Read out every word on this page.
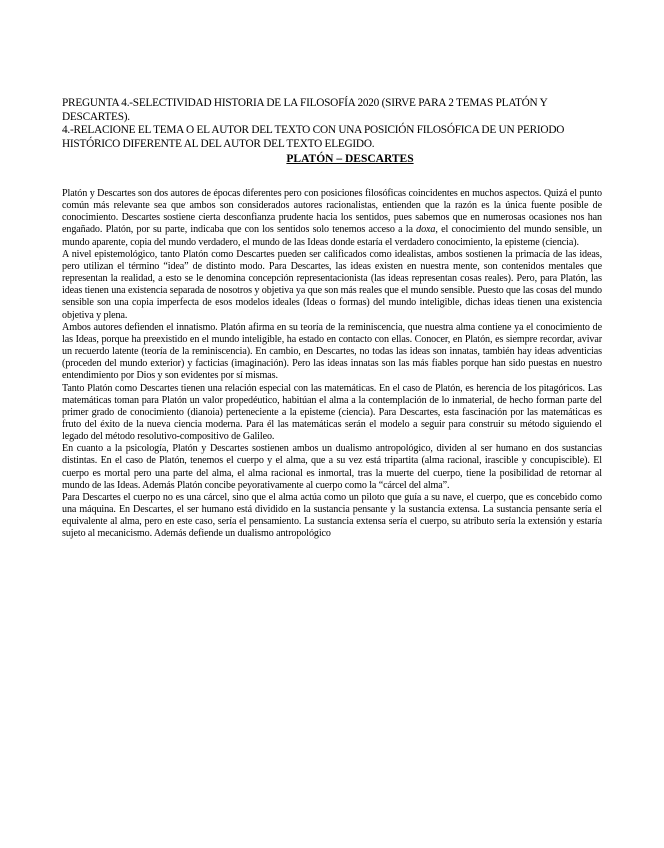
PREGUNTA 4.-SELECTIVIDAD HISTORIA DE LA FILOSOFÍA 2020 (SIRVE PARA 2 TEMAS PLATÓN Y DESCARTES).

4.-RELACIONE EL TEMA O EL AUTOR DEL TEXTO CON UNA POSICIÓN FILOSÓFICA DE UN PERIODO HISTÓRICO DIFERENTE AL DEL AUTOR DEL TEXTO ELEGIDO.

PLATÓN – DESCARTES

Platón y Descartes son dos autores de épocas diferentes pero con posiciones filosóficas coincidentes en muchos aspectos. Quizá el punto común más relevante sea que ambos son considerados autores racionalistas, entienden que la razón es la única fuente posible de conocimiento. Descartes sostiene cierta desconfianza prudente hacia los sentidos, pues sabemos que en numerosas ocasiones nos han engañado. Platón, por su parte, indicaba que con los sentidos solo tenemos acceso a la doxa, el conocimiento del mundo sensible, un mundo aparente, copia del mundo verdadero, el mundo de las Ideas donde estaría el verdadero conocimiento, la episteme (ciencia).

A nivel epistemológico, tanto Platón como Descartes pueden ser calificados como idealistas, ambos sostienen la primacía de las ideas, pero utilizan el término “idea” de distinto modo. Para Descartes, las ideas existen en nuestra mente, son contenidos mentales que representan la realidad, a esto se le denomina concepción representacionista (las ideas representan cosas reales). Pero, para Platón, las ideas tienen una existencia separada de nosotros y objetiva ya que son más reales que el mundo sensible. Puesto que las cosas del mundo sensible son una copia imperfecta de esos modelos ideales (Ideas o formas) del mundo inteligible, dichas ideas tienen una existencia objetiva y plena.

Ambos autores defienden el innatismo. Platón afirma en su teoría de la reminiscencia, que nuestra alma contiene ya el conocimiento de las Ideas, porque ha preexistido en el mundo inteligible, ha estado en contacto con ellas. Conocer, en Platón, es siempre recordar, avivar un recuerdo latente (teoría de la reminiscencia). En cambio, en Descartes, no todas las ideas son innatas, también hay ideas adventicias (proceden del mundo exterior) y facticias (imaginación). Pero las ideas innatas son las más fiables porque han sido puestas en nuestro entendimiento por Dios y son evidentes por sí mismas.

Tanto Platón como Descartes tienen una relación especial con las matemáticas. En el caso de Platón, es herencia de los pitagóricos. Las matemáticas toman para Platón un valor propedéutico, habitúan el alma a la contemplación de lo inmaterial, de hecho forman parte del primer grado de conocimiento (dianoia) perteneciente a la episteme (ciencia). Para Descartes, esta fascinación por las matemáticas es fruto del éxito de la nueva ciencia moderna. Para él las matemáticas serán el modelo a seguir para construir su método siguiendo el legado del método resolutivo-compositivo de Galileo.

En cuanto a la psicología, Platón y Descartes sostienen ambos un dualismo antropológico, dividen al ser humano en dos sustancias distintas. En el caso de Platón, tenemos el cuerpo y el alma, que a su vez está tripartita (alma racional, irascible y concupiscible). El cuerpo es mortal pero una parte del alma, el alma racional es inmortal, tras la muerte del cuerpo, tiene la posibilidad de retornar al mundo de las Ideas. Además Platón concibe peyorativamente al cuerpo como la “cárcel del alma”.

Para Descartes el cuerpo no es una cárcel, sino que el alma actúa como un piloto que guía a su nave, el cuerpo, que es concebido como una máquina. En Descartes, el ser humano está dividido en la sustancia pensante y la sustancia extensa. La sustancia pensante sería el equivalente al alma, pero en este caso, sería el pensamiento. La sustancia extensa sería el cuerpo, su atributo sería la extensión y estaría sujeto al mecanicismo. Además defiende un dualismo antropológico
